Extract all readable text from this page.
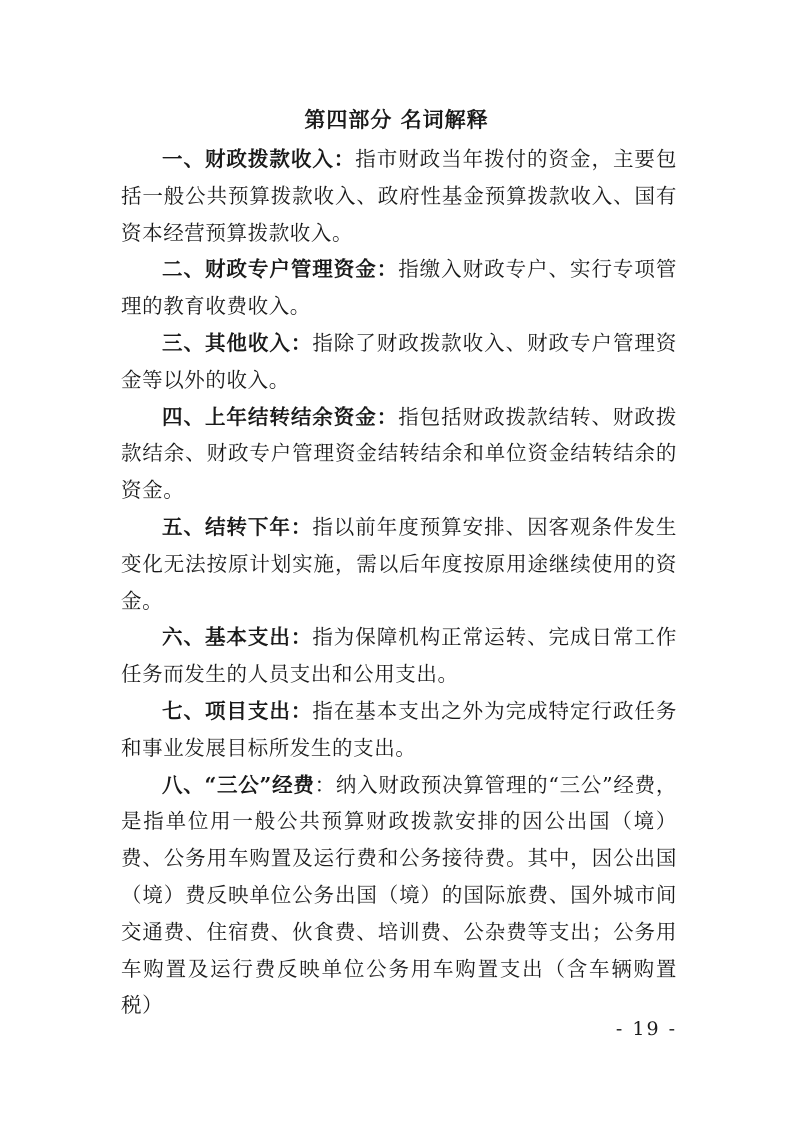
第四部分 名词解释

一、财政拨款收入：指市财政当年拨付的资金，主要包括一般公共预算拨款收入、政府性基金预算拨款收入、国有资本经营预算拨款收入。

二、财政专户管理资金：指缴入财政专户、实行专项管理的教育收费收入。

三、其他收入：指除了财政拨款收入、财政专户管理资金等以外的收入。

四、上年结转结余资金：指包括财政拨款结转、财政拨款结余、财政专户管理资金结转结余和单位资金结转结余的资金。

五、结转下年：指以前年度预算安排、因客观条件发生变化无法按原计划实施，需以后年度按原用途继续使用的资金。

六、基本支出：指为保障机构正常运转、完成日常工作任务而发生的人员支出和公用支出。

七、项目支出：指在基本支出之外为完成特定行政任务和事业发展目标所发生的支出。

八、“三公”经费：纳入财政预决算管理的“三公”经费，是指单位用一般公共预算财政拨款安排的因公出国（境）费、公务用车购置及运行费和公务接待费。其中，因公出国（境）费反映单位公务出国（境）的国际旅费、国外城市间交通费、住宿费、伙食费、培训费、公杂费等支出；公务用车购置及运行费反映单位公务用车购置支出（含车辆购置税）

- 19 -
